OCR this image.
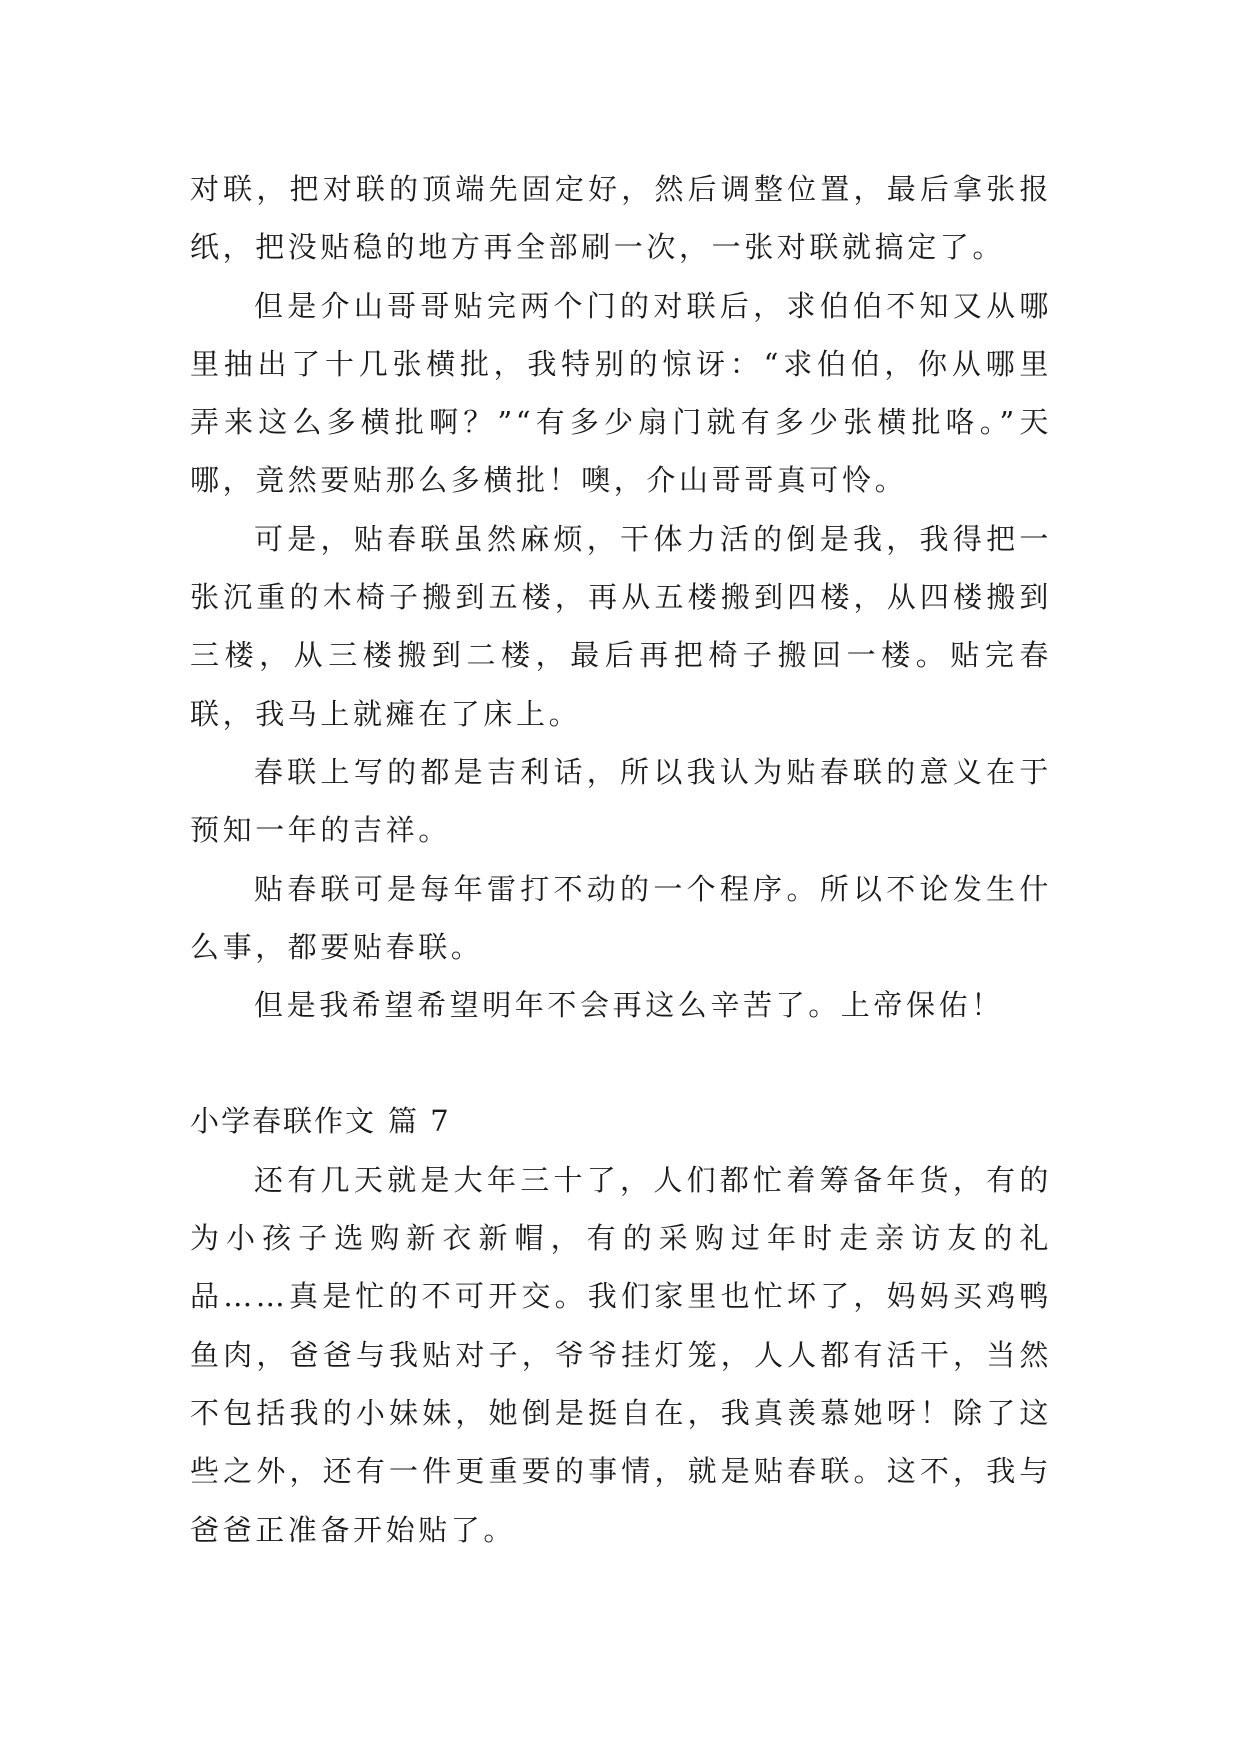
对联，把对联的顶端先固定好，然后调整位置，最后拿张报纸，把没贴稳的地方再全部刷一次，一张对联就搞定了。

但是介山哥哥贴完两个门的对联后，求伯伯不知又从哪里抽出了十几张横批，我特别的惊讶：“求伯伯，你从哪里弄来这么多横批啊？”“有多少扇门就有多少张横批咯。”天哪，竟然要贴那么多横批！噢，介山哥哥真可怜。

可是，贴春联虽然麻烦，干体力活的倒是我，我得把一张沉重的木椅子搬到五楼，再从五楼搬到四楼，从四楼搬到三楼，从三楼搬到二楼，最后再把椅子搬回一楼。贴完春联，我马上就瘫在了床上。

春联上写的都是吉利话，所以我认为贴春联的意义在于预知一年的吉祥。

贴春联可是每年雷打不动的一个程序。所以不论发生什么事，都要贴春联。

但是我希望希望明年不会再这么辛苦了。上帝保佑！

小学春联作文 篇 7

还有几天就是大年三十了，人们都忙着筹备年货，有的为小孩子选购新衣新帽，有的采购过年时走亲访友的礼品……真是忙的不可开交。我们家里也忙坏了，妈妈买鸡鸭鱼肉，爸爸与我贴对子，爷爷挂灯笼，人人都有活干，当然不包括我的小妹妹，她倒是挺自在，我真羡慕她呀！除了这些之外，还有一件更重要的事情，就是贴春联。这不，我与爸爸正准备开始贴了。
